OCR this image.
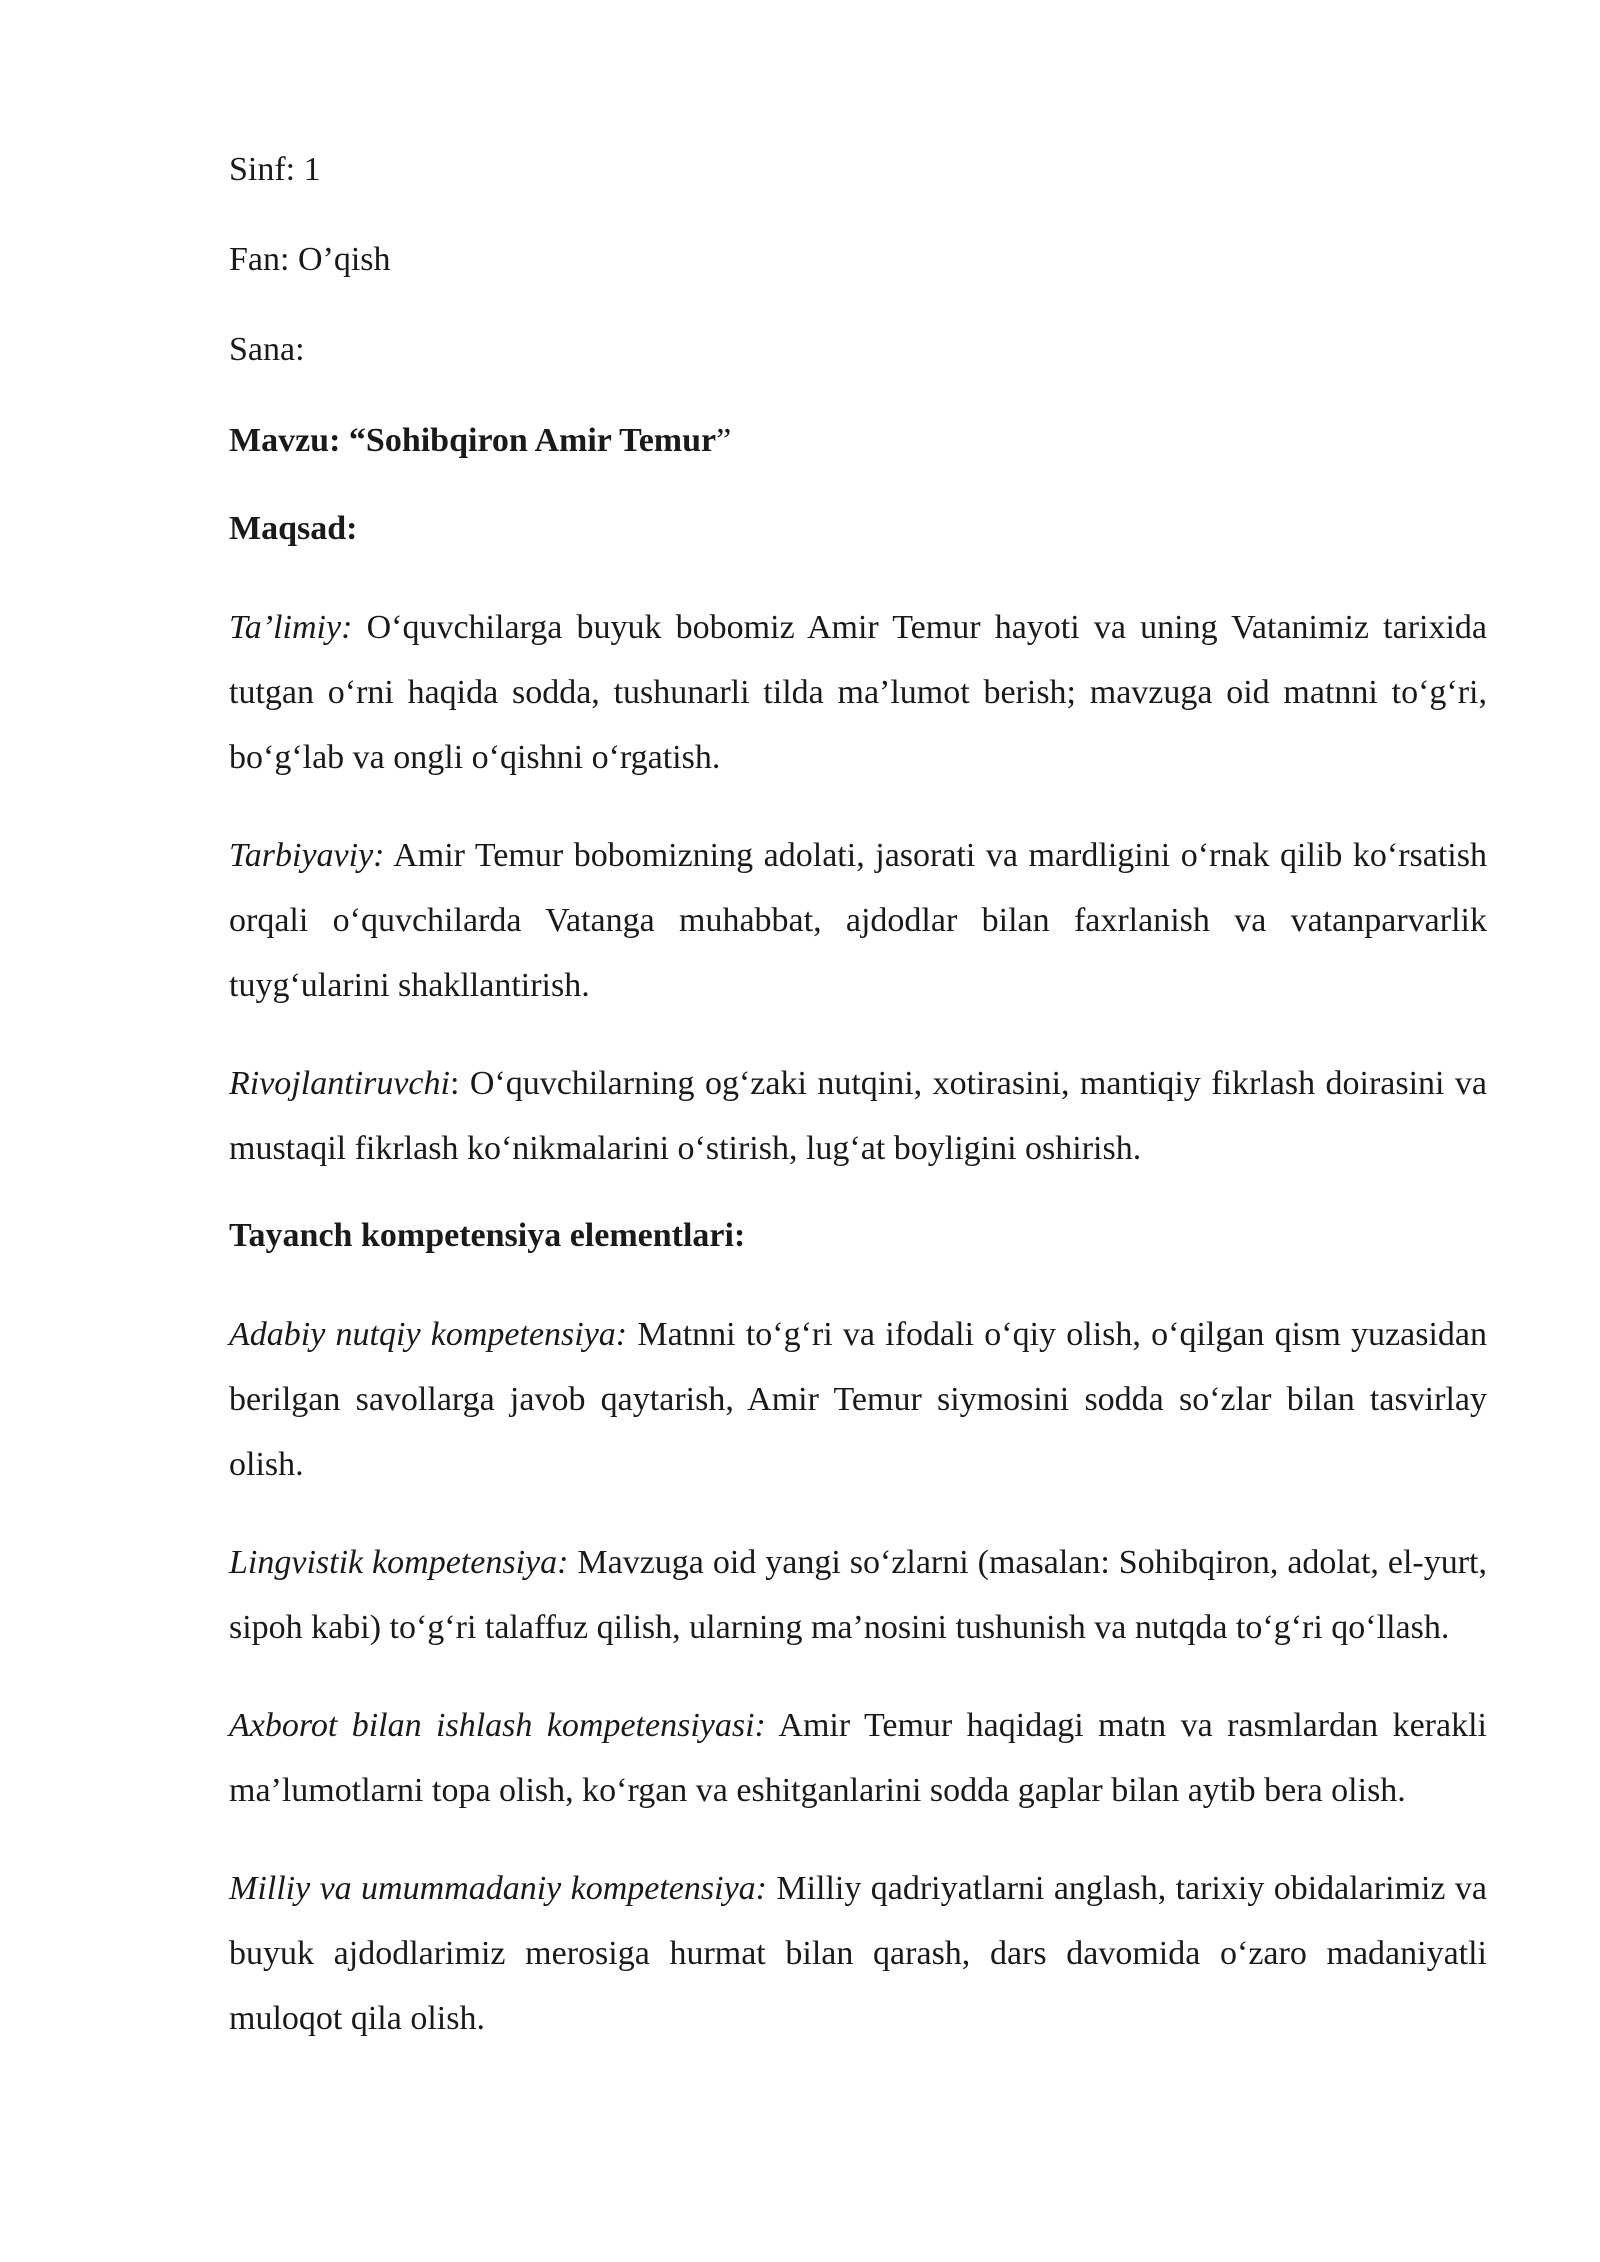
Sinf: 1

Fan: O’qish

Sana:

Mavzu: “Sohibqiron Amir Temur”

Maqsad:

Ta’limiy: O‘quvchilarga buyuk bobomiz Amir Temur hayoti va uning Vatanimiz tarixida tutgan o‘rni haqida sodda, tushunarli tilda ma’lumot berish; mavzuga oid matnni to‘g‘ri, bo‘g‘lab va ongli o‘qishni o‘rgatish.

Tarbiyaviy: Amir Temur bobomizning adolati, jasorati va mardligini o‘rnak qilib ko‘rsatish orqali o‘quvchilarda Vatanga muhabbat, ajdodlar bilan faxrlanish va vatanparvarlik tuyg‘ularini shakllantirish.

Rivojlantiruvchi: O‘quvchilarning og‘zaki nutqini, xotirasini, mantiqiy fikrlash doirasini va mustaqil fikrlash ko‘nikmalarini o‘stirish, lug‘at boyligini oshirish.

Tayanch kompetensiya elementlari:

Adabiy nutqiy kompetensiya: Matnni to‘g‘ri va ifodali o‘qiy olish, o‘qilgan qism yuzasidan berilgan savollarga javob qaytarish, Amir Temur siymosini sodda so‘zlar bilan tasvirlay olish.

Lingvistik kompetensiya: Mavzuga oid yangi so‘zlarni (masalan: Sohibqiron, adolat, el-yurt, sipoh kabi) to‘g‘ri talaffuz qilish, ularning ma’nosini tushunish va nutqda to‘g‘ri qo‘llash.

Axborot bilan ishlash kompetensiyasi: Amir Temur haqidagi matn va rasmlardan kerakli ma’lumotlarni topa olish, ko‘rgan va eshitganlarini sodda gaplar bilan aytib bera olish.

Milliy va umummadaniy kompetensiya: Milliy qadriyatlarni anglash, tarixiy obidalarimiz va buyuk ajdodlarimiz merosiga hurmat bilan qarash, dars davomida o‘zaro madaniyatli muloqot qila olish.
